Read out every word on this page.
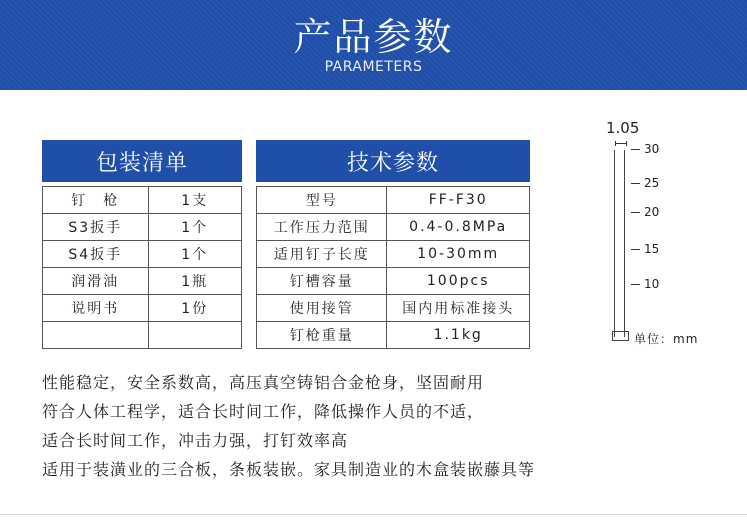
产品参数
PARAMETERS
包装清单	

钉　枪	1支
S3扳手	1个
S4扳手	1个
润滑油	1瓶
说明书	1份

技术参数	

型号	FF-F30
工作压力范围	0.4-0.8MPa
适用钉子长度	10-30mm
钉槽容量	100pcs
使用接管	国内用标准接头
钉枪重量	1.1kg
1.05
30
25
20
15
10
单位：mm
性能稳定，安全系数高，高压真空铸铝合金枪身，坚固耐用
符合人体工程学，适合长时间工作，降低操作人员的不适，
适合长时间工作，冲击力强，打钉效率高
适用于装潢业的三合板，条板装嵌。家具制造业的木盒装嵌藤具等
